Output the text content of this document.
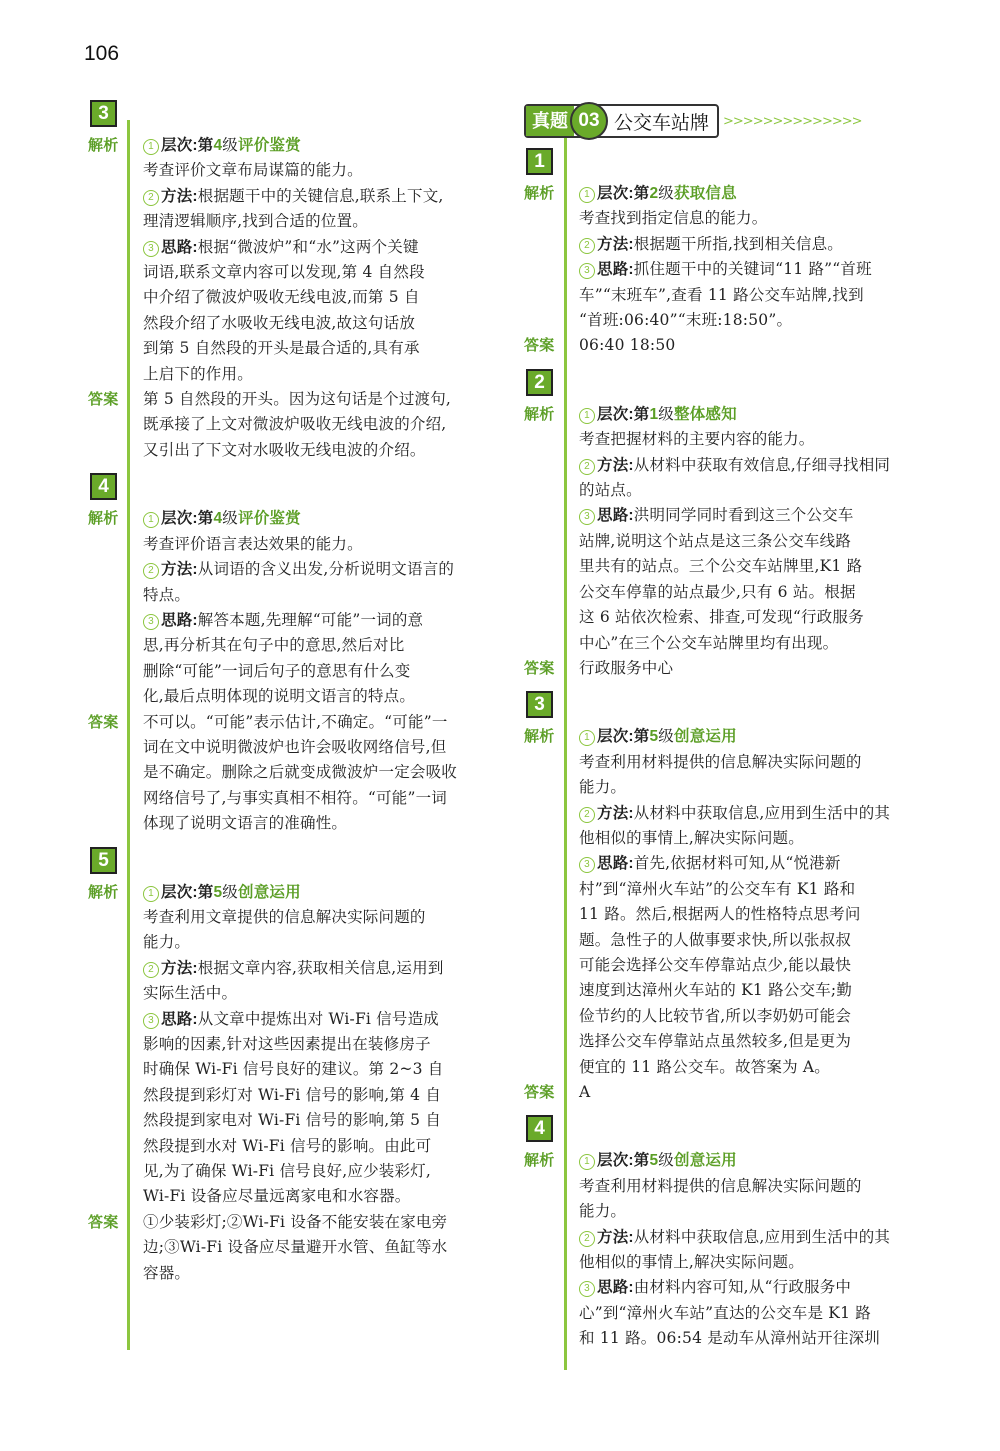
106
3
解析	1 层次:第4级评价鉴赏

考查评价文章布局谋篇的能力。

2 方法:根据题干中的关键信息,联系上下文,

理清逻辑顺序,找到合适的位置。

3 思路:根据“微波炉”和“水”这两个关键

词语,联系文章内容可以发现,第 4 自然段

中介绍了微波炉吸收无线电波,而第 5 自

然段介绍了水吸收无线电波,故这句话放

到第 5 自然段的开头是最合适的,具有承

上启下的作用。

答案 第 5 自然段的开头。因为这句话是个过渡句,

既承接了上文对微波炉吸收无线电波的介绍,

又引出了下文对水吸收无线电波的介绍。

4
解析	1 层次:第4级评价鉴赏

考查评价语言表达效果的能力。

2 方法:从词语的含义出发,分析说明文语言的

特点。

3 思路:解答本题,先理解“可能”一词的意

思,再分析其在句子中的意思,然后对比

删除“可能”一词后句子的意思有什么变

化,最后点明体现的说明文语言的特点。

答案 不可以。“可能”表示估计,不确定。“可能”一

词在文中说明微波炉也许会吸收网络信号,但

是不确定。删除之后就变成微波炉一定会吸收

网络信号了,与事实真相不相符。“可能”一词

体现了说明文语言的准确性。

5
解析	1 层次:第5级创意运用

考查利用文章提供的信息解决实际问题的

能力。

2 方法:根据文章内容,获取相关信息,运用到

实际生活中。

3 思路:从文章中提炼出对 Wi-Fi 信号造成

影响的因素,针对这些因素提出在装修房子

时确保 Wi-Fi 信号良好的建议。第 2~3 自

然段提到彩灯对 Wi-Fi 信号的影响,第 4 自

然段提到家电对 Wi-Fi 信号的影响,第 5 自

然段提到水对 Wi-Fi 信号的影响。由此可

见,为了确保 Wi-Fi 信号良好,应少装彩灯,

Wi-Fi 设备应尽量远离家电和水容器。

答案 ①少装彩灯;②Wi-Fi 设备不能安装在家电旁

边;③Wi-Fi 设备应尽量避开水管、鱼缸等水

容器。

真题 03 公交车站牌	>>>>>>>>>>>>>>
1
解析	1 层次:第2级获取信息

考查找到指定信息的能力。

2 方法:根据题干所指,找到相关信息。

3 思路:抓住题干中的关键词“11 路”“首班

车”“末班车”,查看 11 路公交车站牌,找到

“首班:06:40”“末班:18:50”。

答案 06:40 18:50

2
解析	1 层次:第1级整体感知

考查把握材料的主要内容的能力。

2 方法:从材料中获取有效信息,仔细寻找相同

的站点。

3 思路:洪明同学同时看到这三个公交车

站牌,说明这个站点是这三条公交车线路

里共有的站点。三个公交车站牌里,K1 路

公交车停靠的站点最少,只有 6 站。根据

这 6 站依次检索、排查,可发现“行政服务

中心”在三个公交车站牌里均有出现。

答案 行政服务中心

3
解析	1 层次:第5级创意运用

考查利用材料提供的信息解决实际问题的

能力。

2 方法:从材料中获取信息,应用到生活中的其

他相似的事情上,解决实际问题。

3 思路:首先,依据材料可知,从“悦港新

村”到“漳州火车站”的公交车有 K1 路和

11 路。然后,根据两人的性格特点思考问

题。急性子的人做事要求快,所以张叔叔

可能会选择公交车停靠站点少,能以最快

速度到达漳州火车站的 K1 路公交车;勤

俭节约的人比较节省,所以李奶奶可能会

选择公交车停靠站点虽然较多,但是更为

便宜的 11 路公交车。故答案为 A。

答案 A

4
解析	1 层次:第5级创意运用

考查利用材料提供的信息解决实际问题的

能力。

2 方法:从材料中获取信息,应用到生活中的其

他相似的事情上,解决实际问题。

3 思路:由材料内容可知,从“行政服务中

心”到“漳州火车站”直达的公交车是 K1 路

和 11 路。06:54 是动车从漳州站开往深圳
